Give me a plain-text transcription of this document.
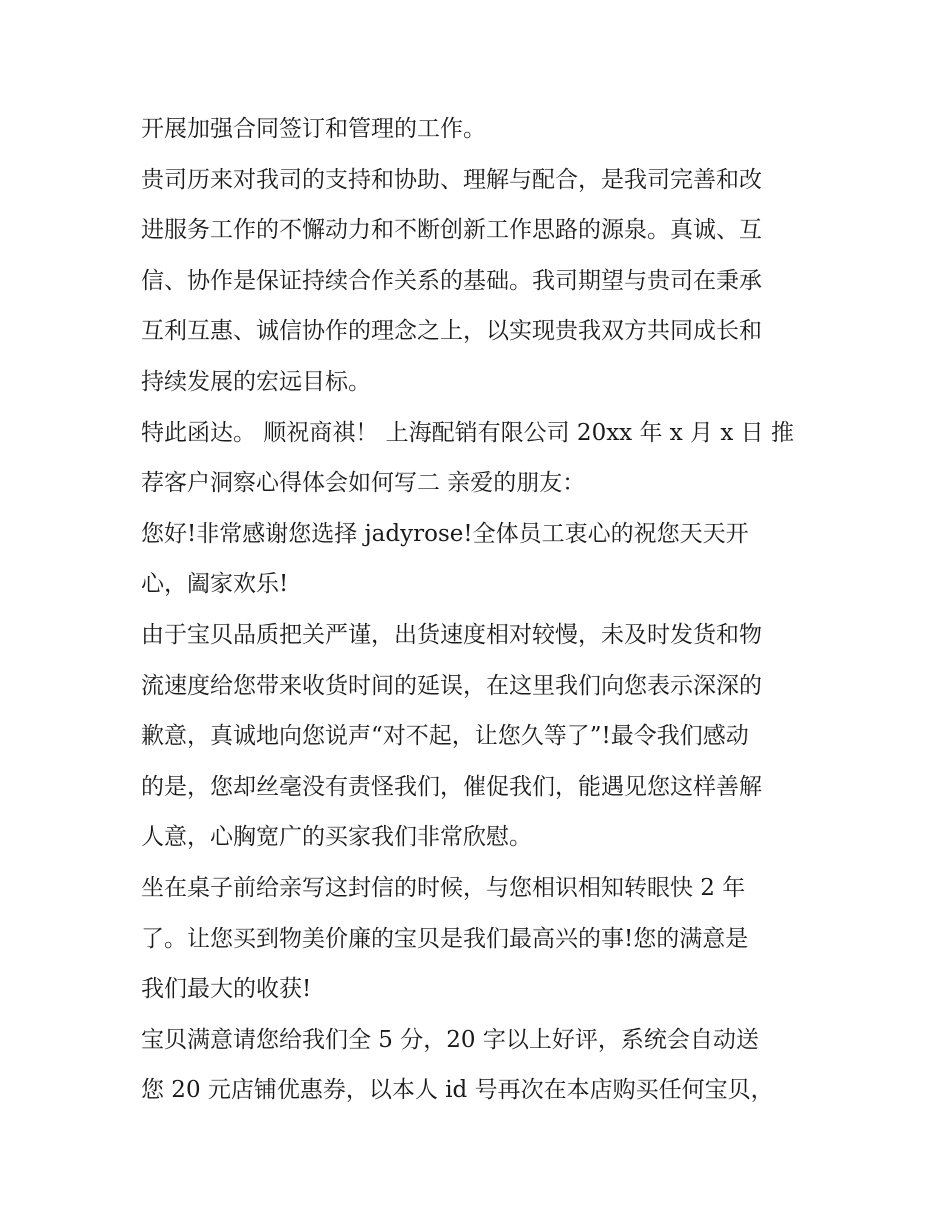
开展加强合同签订和管理的工作。
贵司历来对我司的支持和协助、理解与配合，是我司完善和改
进服务工作的不懈动力和不断创新工作思路的源泉。真诚、互
信、协作是保证持续合作关系的基础。我司期望与贵司在秉承
互利互惠、诚信协作的理念之上，以实现贵我双方共同成长和
持续发展的宏远目标。
特此函达。 顺祝商祺！ 上海配销有限公司 20xx 年 x 月 x 日 推
荐客户洞察心得体会如何写二 亲爱的朋友：
您好!非常感谢您选择 jadyrose!全体员工衷心的祝您天天开
心，阖家欢乐!
由于宝贝品质把关严谨，出货速度相对较慢，未及时发货和物
流速度给您带来收货时间的延误，在这里我们向您表示深深的
歉意，真诚地向您说声“对不起，让您久等了”!最令我们感动
的是，您却丝毫没有责怪我们，催促我们，能遇见您这样善解
人意，心胸宽广的买家我们非常欣慰。
坐在桌子前给亲写这封信的时候，与您相识相知转眼快 2 年
了。让您买到物美价廉的宝贝是我们最高兴的事!您的满意是
我们最大的收获!
宝贝满意请您给我们全 5 分，20 字以上好评，系统会自动送
您 20 元店铺优惠券，以本人 id 号再次在本店购买任何宝贝，
